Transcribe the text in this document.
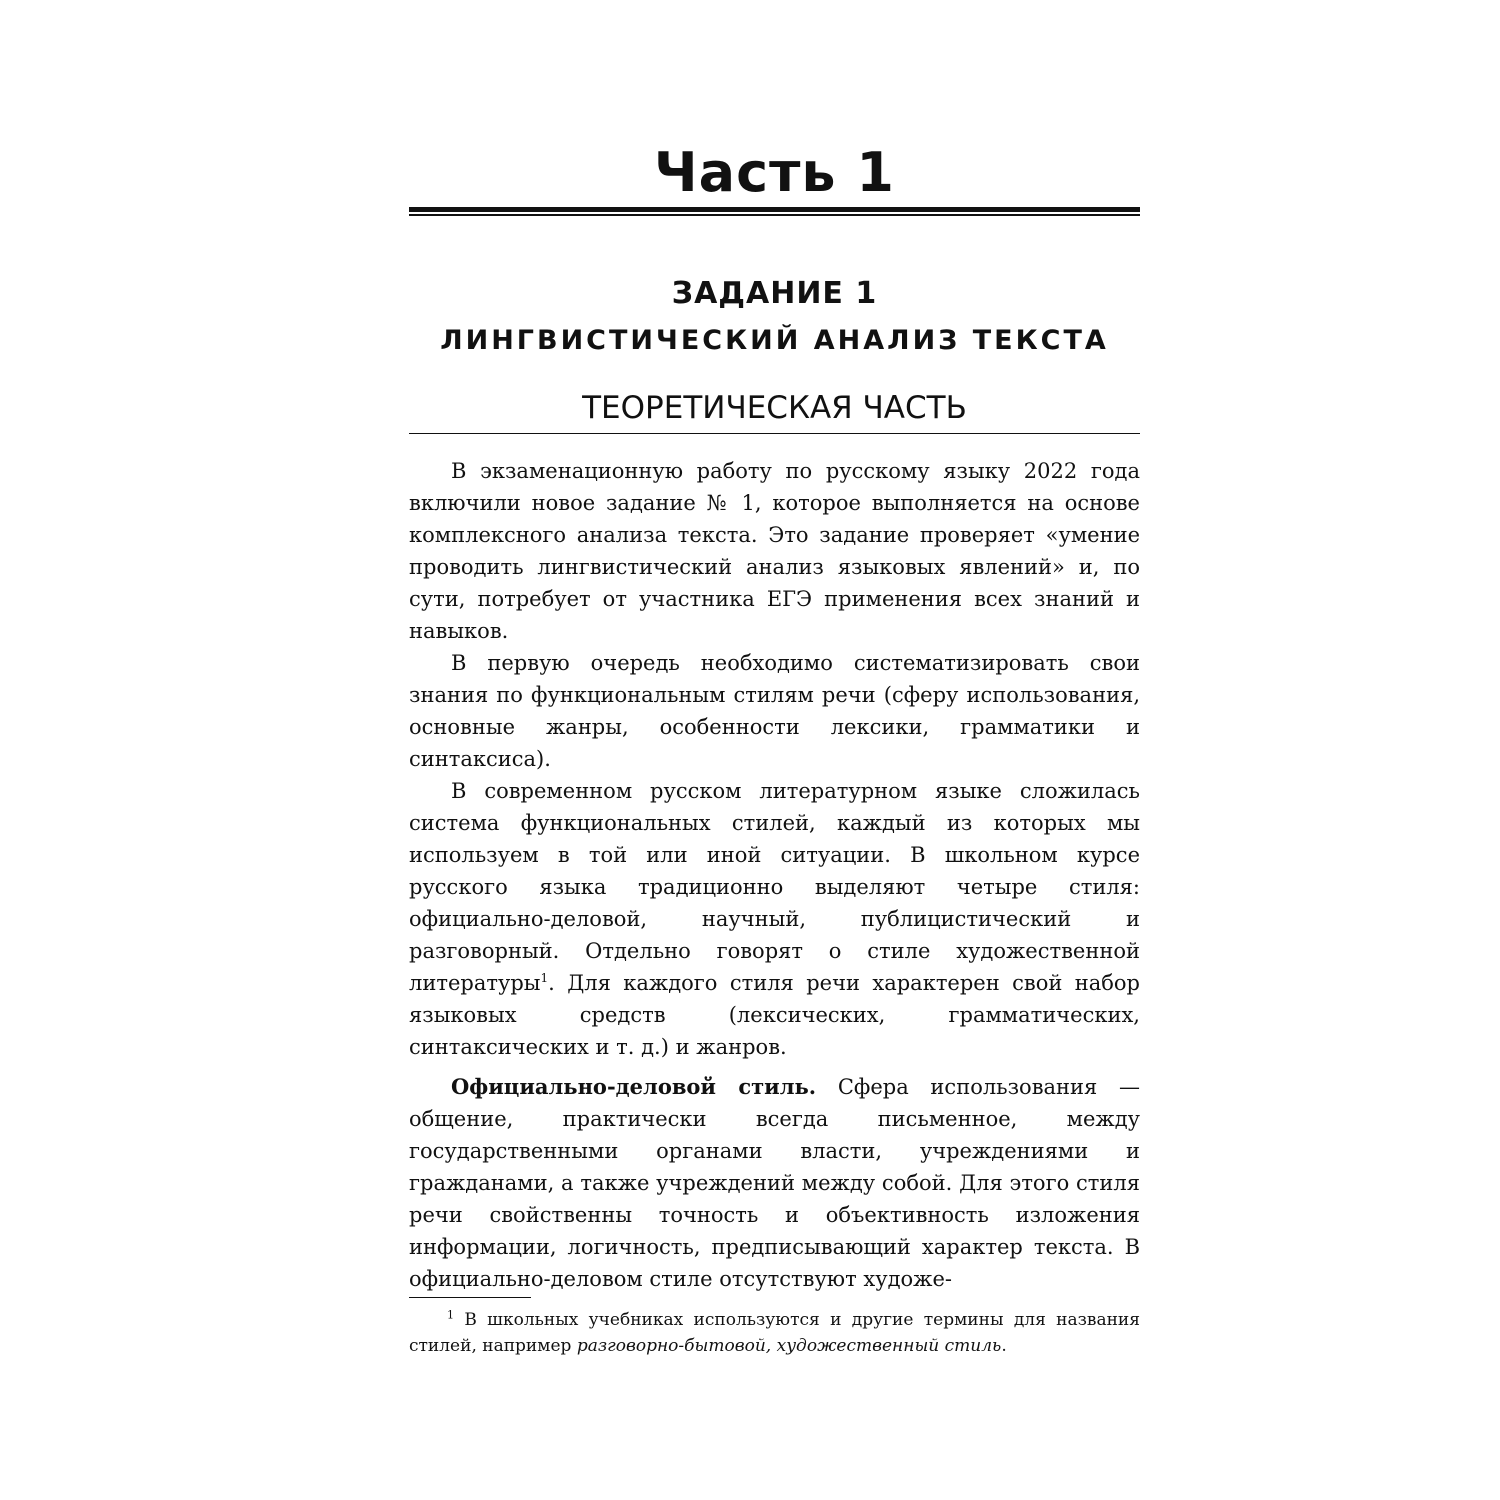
Часть 1
ЗАДАНИЕ 1
ЛИНГВИСТИЧЕСКИЙ АНАЛИЗ ТЕКСТА
ТЕОРЕТИЧЕСКАЯ ЧАСТЬ

В экзаменационную работу по русскому языку 2022 года включили новое задание № 1, которое выполняется на основе комплексного анализа текста. Это задание проверяет «умение проводить лингвистический анализ языковых явлений» и, по сути, потребует от участника ЕГЭ применения всех знаний и навыков.

В первую очередь необходимо систематизировать свои знания по функциональным стилям речи (сферу использования, основные жанры, особенности лексики, грамматики и синтаксиса).

В современном русском литературном языке сложилась система функциональных стилей, каждый из которых мы используем в той или иной ситуации. В школьном курсе русского языка традиционно выделяют четыре стиля: официально-деловой, научный, публицистический и разговорный. Отдельно говорят о стиле художественной литературы$^1$. Для каждого стиля речи характерен свой набор языковых средств (лексических, грамматических, синтаксических и т. д.) и жанров.

Официально-деловой стиль. Сфера использования — общение, практически всегда письменное, между государственными органами власти, учреждениями и гражданами, а также учреждений между собой. Для этого стиля речи свойственны точность и объективность изложения информации, логичность, предписывающий характер текста. В официально-деловом стиле отсутствуют художе-

$^1$ В школьных учебниках используются и другие термины для названия стилей, например разговорно-бытовой, художественный стиль.
